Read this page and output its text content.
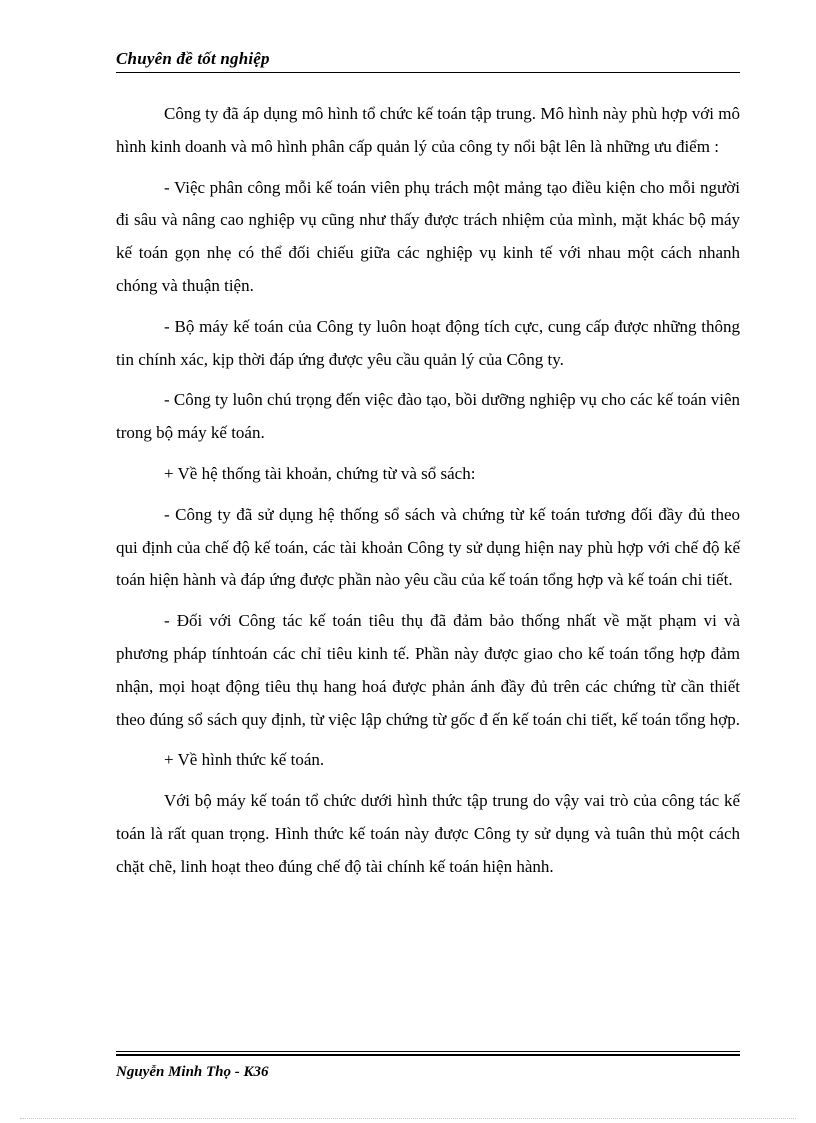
Chuyên đề tốt nghiệp

Công ty đã áp dụng mô hình tổ chức kế toán tập trung. Mô hình này phù hợp với mô hình kinh doanh và mô hình phân cấp quản lý của công ty nổi bật lên là những ưu điểm :

- Việc phân công mỗi kế toán viên phụ trách một mảng tạo điều kiện cho mỗi người đi sâu và nâng cao nghiệp vụ cũng như thấy được trách nhiệm của mình, mặt khác bộ máy kế toán gọn nhẹ có thể đối chiếu giữa các nghiệp vụ kinh tế với nhau một cách nhanh chóng và thuận tiện.

- Bộ máy kế toán của Công ty luôn hoạt động tích cực, cung cấp được những thông tin chính xác, kịp thời đáp ứng được yêu cầu quản lý của Công ty.

- Công ty luôn chú trọng đến việc đào tạo, bồi dưỡng nghiệp vụ cho các kế toán viên trong bộ máy kế toán.

+ Về hệ thống tài khoản, chứng từ và sổ sách:

- Công ty đã sử dụng hệ thống sổ sách và chứng từ kế toán tương đối đầy đủ theo qui định của chế độ kế toán, các tài khoản Công ty sử dụng hiện nay phù hợp với chế độ kế toán hiện hành và đáp ứng được phần nào yêu cầu của kế toán tổng hợp và kế toán chi tiết.

- Đối với Công tác kế toán tiêu thụ đã đảm bảo thống nhất về mặt phạm vi và phương pháp tínhtoán các chỉ tiêu kinh tế. Phần này được giao cho kế toán tổng hợp đảm nhận, mọi hoạt động tiêu thụ hang hoá được phản ánh đầy đủ trên các chứng từ cần thiết theo đúng sổ sách quy định, từ việc lập chứng từ gốc đ ến kế toán chi tiết, kế toán tổng hợp.

+ Về hình thức kế toán.

Với bộ máy kế toán tổ chức dưới hình thức tập trung do vậy vai trò của công tác kế toán là rất quan trọng. Hình thức kế toán này được Công ty sử dụng và tuân thủ một cách chặt chẽ, linh hoạt theo đúng chế độ tài chính kế toán hiện hành.

Nguyễn Minh Thọ - K36
